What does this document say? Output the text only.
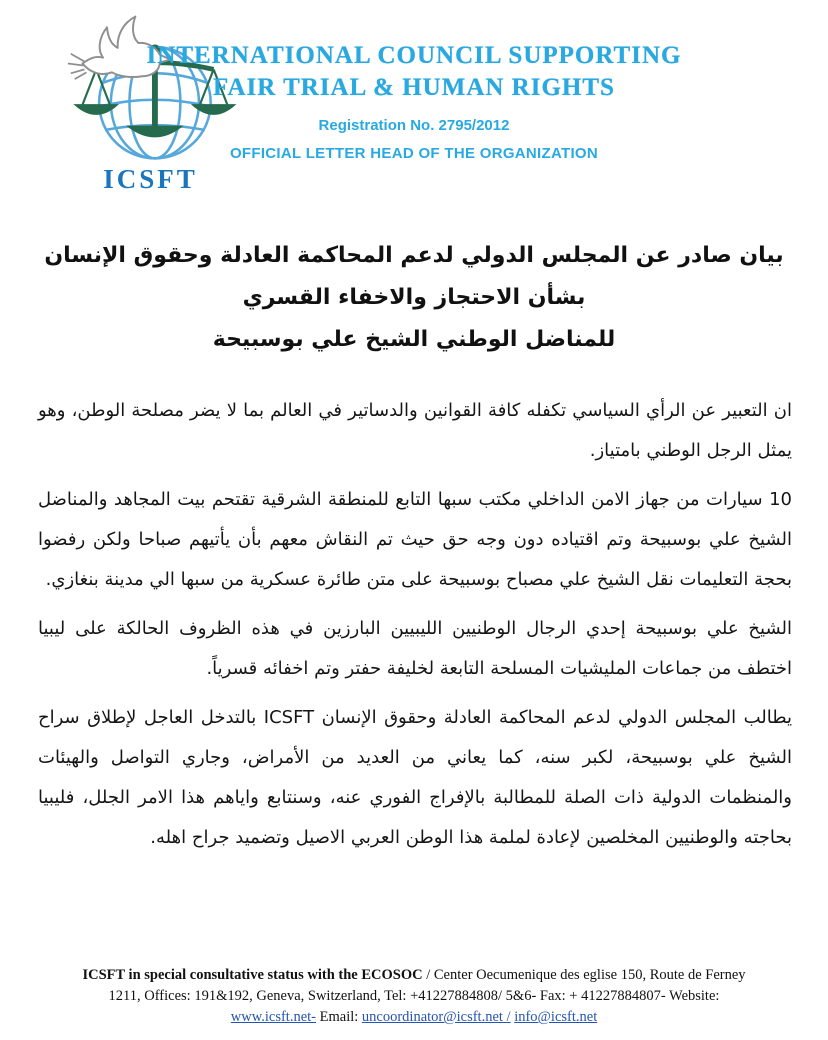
ICSFT
INTERNATIONAL COUNCIL SUPPORTING
FAIR TRIAL & HUMAN RIGHTS
Registration No. 2795/2012
OFFICIAL LETTER HEAD OF THE ORGANIZATION
بيان صادر عن المجلس الدولي لدعم المحاكمة العادلة وحقوق الإنسان
بشأن الاحتجاز والاخفاء القسري
للمناضل الوطني الشيخ علي بوسبيحة

ان التعبير عن الرأي السياسي تكفله كافة القوانين والدساتير في العالم بما لا يضر مصلحة الوطن، وهو يمثل الرجل الوطني بامتياز.

10 سيارات من جهاز الامن الداخلي مكتب سبها التابع للمنطقة الشرقية تقتحم بيت المجاهد والمناضل الشيخ علي بوسبيحة وتم اقتياده دون وجه حق حيث تم النقاش معهم بأن يأتيهم صباحا ولكن رفضوا بحجة التعليمات نقل الشيخ علي مصباح بوسبيحة على متن طائرة عسكرية من سبها الي مدينة بنغازي.

الشيخ علي بوسبيحة إحدي الرجال الوطنيين الليبيين البارزين في هذه الظروف الحالكة على ليبيا اختطف من جماعات المليشيات المسلحة التابعة لخليفة حفتر وتم اخفائه قسرياً.

يطالب المجلس الدولي لدعم المحاكمة العادلة وحقوق الإنسان ICSFT بالتدخل العاجل لإطلاق سراح الشيخ علي بوسبيحة، لكبر سنه، كما يعاني من العديد من الأمراض، وجاري التواصل والهيئات والمنظمات الدولية ذات الصلة للمطالبة بالإفراج الفوري عنه، وسنتابع واياهم هذا الامر الجلل، فليبيا بحاجته والوطنيين المخلصين لإعادة لملمة هذا الوطن العربي الاصيل وتضميد جراح اهله.

ICSFT in special consultative status with the ECOSOC / Center Oecumenique des eglise 150, Route de Ferney 1211, Offices: 191&192, Geneva, Switzerland, Tel: +41227884808/ 5&6- Fax: + 41227884807- Website: www.icsft.net- Email: uncoordinator@icsft.net / info@icsft.net
